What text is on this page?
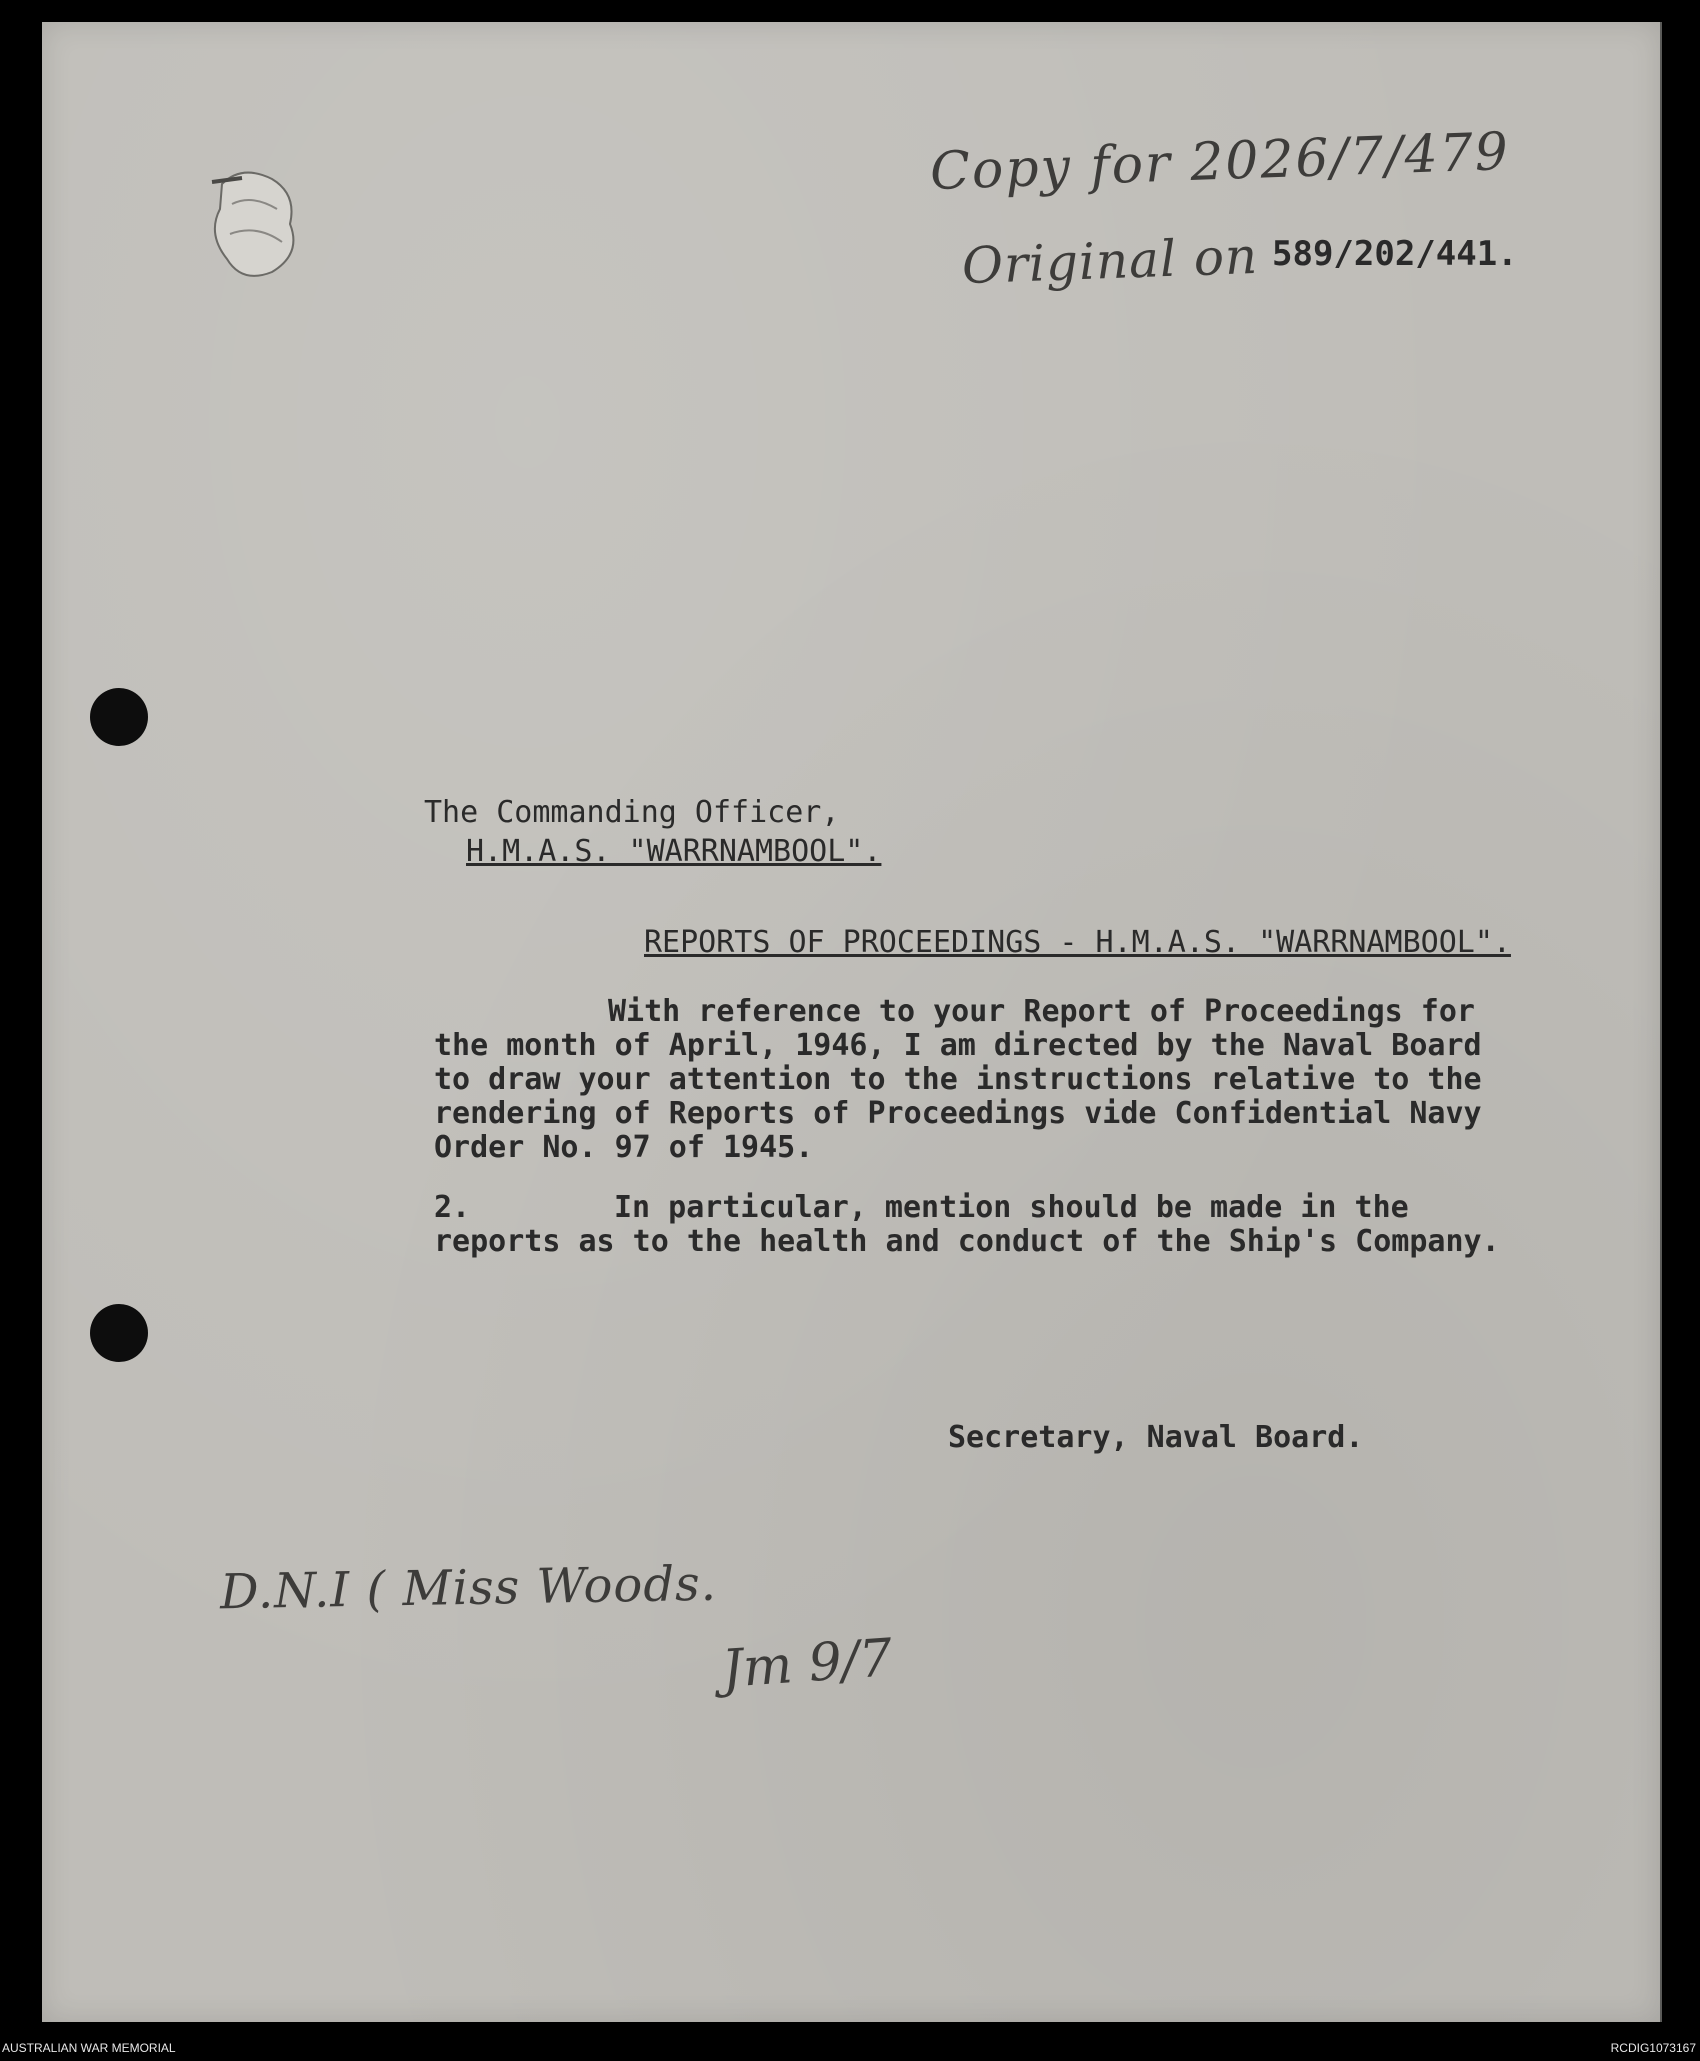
Copy for 2026/7/479
Original on 589/202/441.
The Commanding Officer,
H.M.A.S. "WARRNAMBOOL".
REPORTS OF PROCEEDINGS - H.M.A.S. "WARRNAMBOOL".
With reference to your Report of Proceedings for
the month of April, 1946, I am directed by the Naval Board
to draw your attention to the instructions relative to the
rendering of Reports of Proceedings vide Confidential Navy
Order No. 97 of 1945.
2.	In particular, mention should be made in the
reports as to the health and conduct of the Ship's Company.
Secretary, Naval Board.
D.N.I ( Miss Woods.
Jm 9/7
AUSTRALIAN WAR MEMORIAL	RCDIG1073167
